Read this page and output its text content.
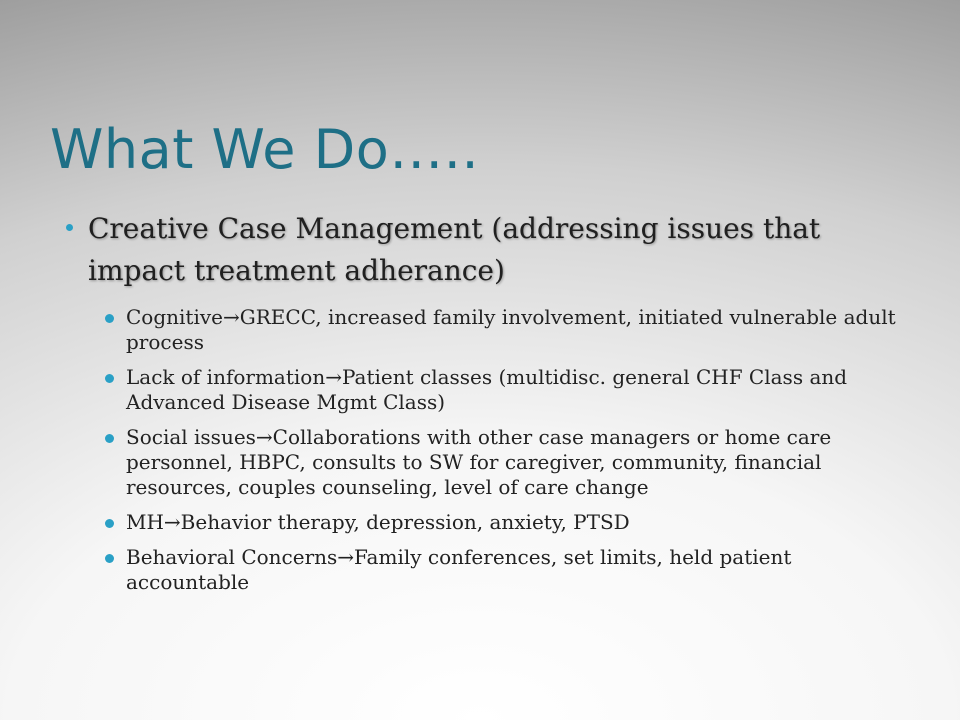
What We Do…..
Creative Case Management (addressing issues that impact treatment adherance)
Cognitive→GRECC, increased family involvement, initiated vulnerable adult process
Lack of information→Patient classes (multidisc. general CHF Class and Advanced Disease Mgmt Class)
Social issues→Collaborations with other case managers or home care personnel, HBPC, consults to SW for caregiver, community, financial resources, couples counseling, level of care change
MH→Behavior therapy, depression, anxiety, PTSD
Behavioral Concerns→Family conferences, set limits, held patient accountable
